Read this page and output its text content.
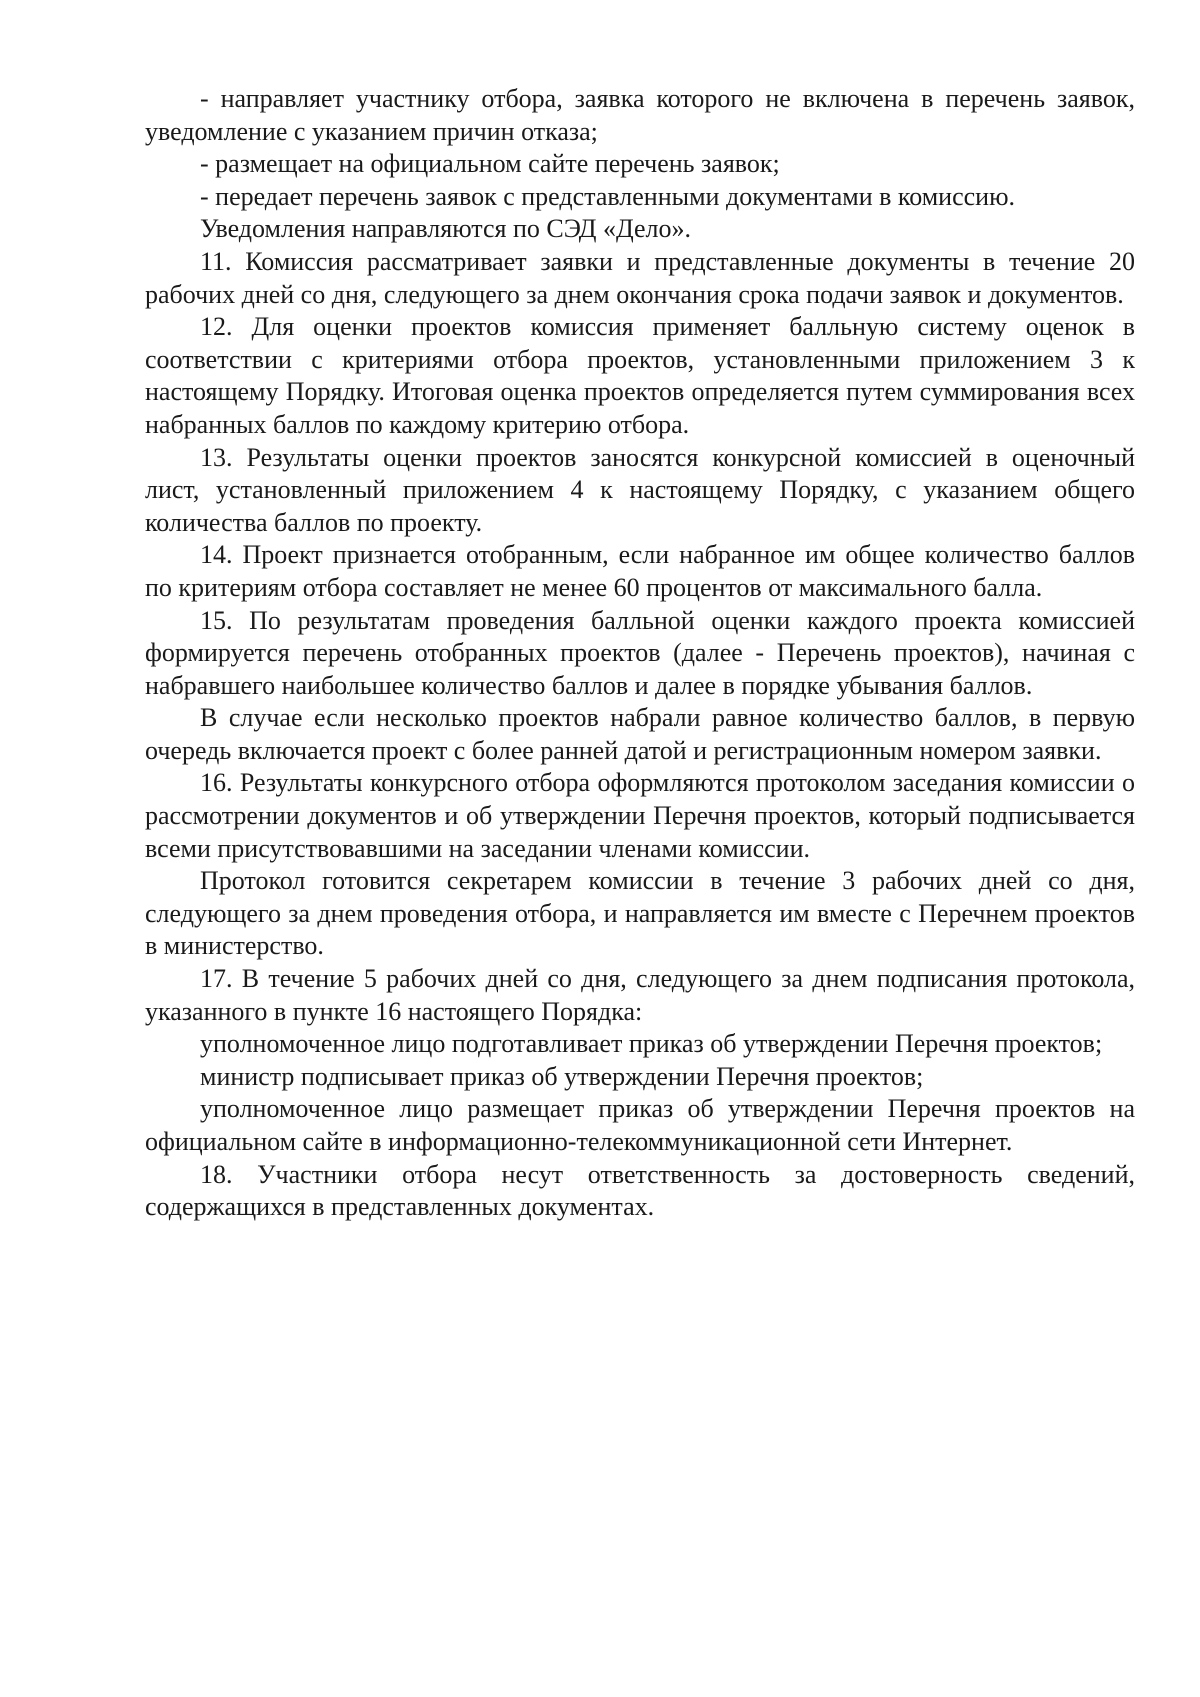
- направляет участнику отбора, заявка которого не включена в перечень заявок, уведомление с указанием причин отказа;

- размещает на официальном сайте перечень заявок;

- передает перечень заявок с представленными документами в комиссию.

Уведомления направляются по СЭД «Дело».

11. Комиссия рассматривает заявки и представленные документы в течение 20 рабочих дней со дня, следующего за днем окончания срока подачи заявок и документов.

12. Для оценки проектов комиссия применяет балльную систему оценок в соответствии с критериями отбора проектов, установленными приложением 3 к настоящему Порядку. Итоговая оценка проектов определяется путем суммирования всех набранных баллов по каждому критерию отбора.

13. Результаты оценки проектов заносятся конкурсной комиссией в оценочный лист, установленный приложением 4 к настоящему Порядку, с указанием общего количества баллов по проекту.

14. Проект признается отобранным, если набранное им общее количество баллов по критериям отбора составляет не менее 60 процентов от максимального балла.

15. По результатам проведения балльной оценки каждого проекта комиссией формируется перечень отобранных проектов (далее - Перечень проектов), начиная с набравшего наибольшее количество баллов и далее в порядке убывания баллов.

В случае если несколько проектов набрали равное количество баллов, в первую очередь включается проект с более ранней датой и регистрационным номером заявки.

16. Результаты конкурсного отбора оформляются протоколом заседания комиссии о рассмотрении документов и об утверждении Перечня проектов, который подписывается всеми присутствовавшими на заседании членами комиссии.

Протокол готовится секретарем комиссии в течение 3 рабочих дней со дня, следующего за днем проведения отбора, и направляется им вместе с Перечнем проектов в министерство.

17. В течение 5 рабочих дней со дня, следующего за днем подписания протокола, указанного в пункте 16 настоящего Порядка:

уполномоченное лицо подготавливает приказ об утверждении Перечня проектов;

министр подписывает приказ об утверждении Перечня проектов;

уполномоченное лицо размещает приказ об утверждении Перечня проектов на официальном сайте в информационно-телекоммуникационной сети Интернет.

18. Участники отбора несут ответственность за достоверность сведений, содержащихся в представленных документах.
